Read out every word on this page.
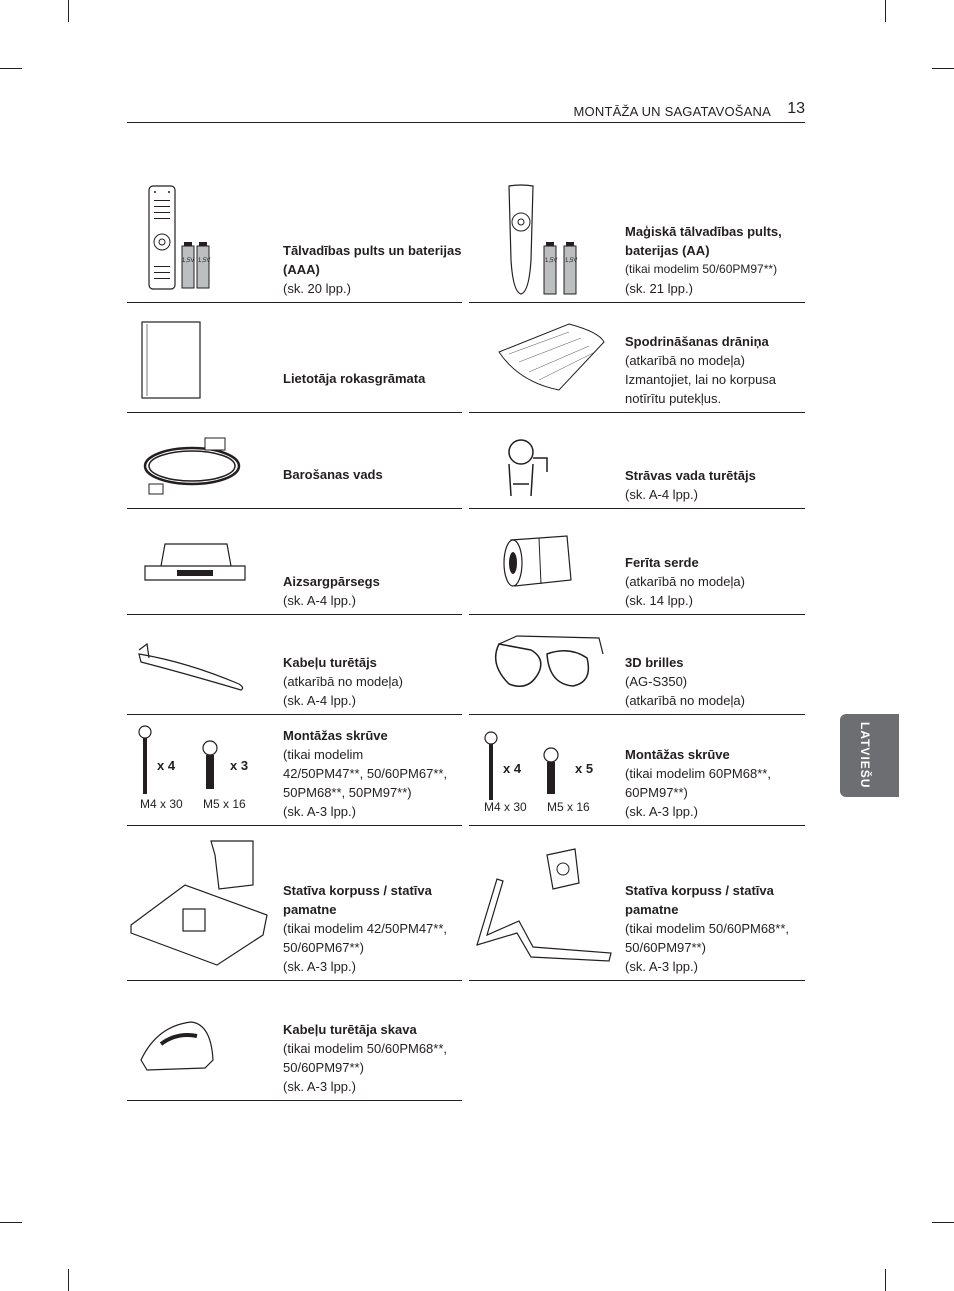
MONTĀŽA UN SAGATAVOŠANA 13
LATVIEŠU
1,5V 1,5V
Tālvadības pults un baterijas (AAA)
(sk. 20 lpp.)
1,5V 1,5V
Maģiskā tālvadības pults, baterijas (AA)
(tikai modelim 50/60PM97**)
(sk. 21 lpp.)
Lietotāja rokasgrāmata
Spodrināšanas drāniņa
(atkarībā no modeļa)
Izmantojiet, lai no korpusa
notīrītu putekļus.
Barošanas vads	Strāvas vada turētājs
(sk. A-4 lpp.)
Aizsargpārsegs
(sk. A-4 lpp.)
Ferīta serde
(atkarībā no modeļa)
(sk. 14 lpp.)
Kabeļu turētājs
(atkarībā no modeļa)
(sk. A-4 lpp.)
3D brilles
(AG-S350)
(atkarībā no modeļa)
x 4	x 3
M4 x 30 M5 x 16
Montāžas skrūve
(tikai modelim
42/50PM47**, 50/60PM67**,
50PM68**, 50PM97**)
(sk. A-3 lpp.)
x 4	x 5
M4 x 30 M5 x 16
Montāžas skrūve
(tikai modelim 60PM68**,
60PM97**)
(sk. A-3 lpp.)
Statīva korpuss / statīva pamatne
(tikai modelim 42/50PM47**,
50/60PM67**)
(sk. A-3 lpp.)
Statīva korpuss / statīva pamatne
(tikai modelim 50/60PM68**,
50/60PM97**)
(sk. A-3 lpp.)
Kabeļu turētāja skava
(tikai modelim 50/60PM68**,
50/60PM97**)
(sk. A-3 lpp.)
